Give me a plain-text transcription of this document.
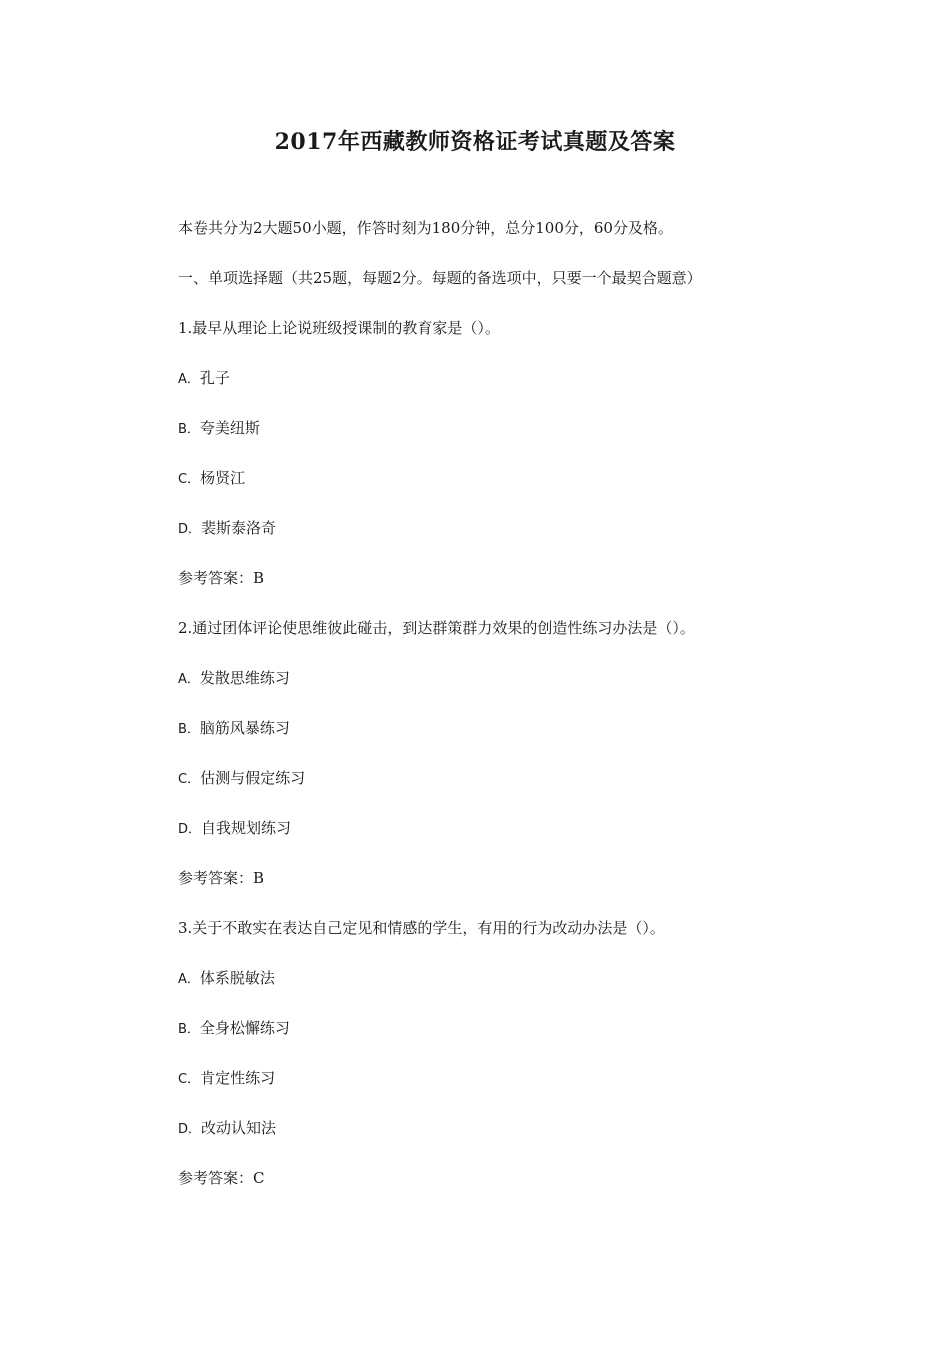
2017年西藏教师资格证考试真题及答案
本卷共分为2大题50小题，作答时刻为180分钟，总分100分，60分及格。
一、单项选择题（共25题，每题2分。每题的备选项中，只要一个最契合题意）
1.最早从理论上论说班级授课制的教育家是（）。
A．孔子
B．夸美纽斯
C．杨贤江
D．裴斯泰洛奇
参考答案：B
2.通过团体评论使思维彼此碰击，到达群策群力效果的创造性练习办法是（）。
A．发散思维练习
B．脑筋风暴练习
C．估测与假定练习
D．自我规划练习
参考答案：B
3.关于不敢实在表达自己定见和情感的学生，有用的行为改动办法是（）。
A．体系脱敏法
B．全身松懈练习
C．肯定性练习
D．改动认知法
参考答案：C
